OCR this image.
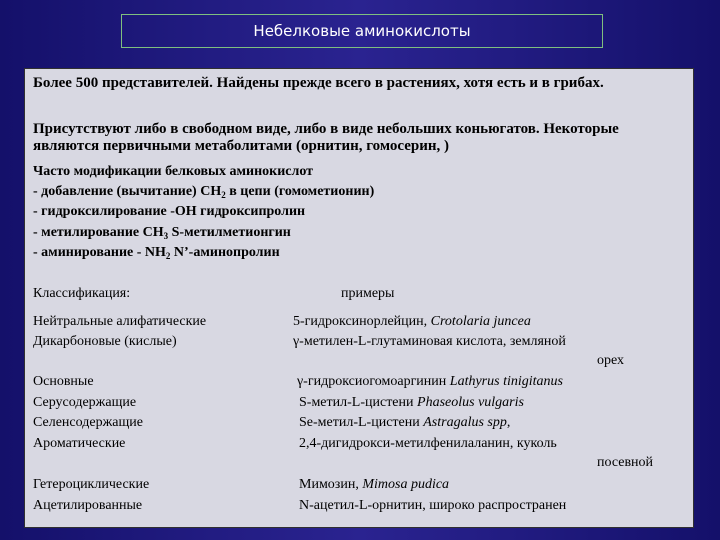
Небелковые аминокислоты
Более 500 представителей. Найдены прежде всего в растениях, хотя есть и в грибах.
Присутствуют либо в свободном виде, либо в виде небольших коньюгатов. Некоторые являются первичными метаболитами (орнитин, гомосерин, )
Часто модификации белковых аминокислот
- добавление (вычитание) $CH_2$ в цепи (гомометионин)
- гидроксилирование -OH гидроксипролин
- метилирование $CH_3$ S-метилметионгин
- аминирование - $NH_2$ N’-аминопролин
Классификация:	примеры
Нейтральные алифатические	5-гидроксинорлейцин, Crotolaria juncea
Дикарбоновые (кислые)	γ-метилен-L-глутаминовая кислота, земляной
орех
Основные	γ-гидроксиогомоаргинин Lathyrus tinigitanus
Серусодержащие	S-метил-L-цистени Phaseolus vulgaris
Селенсодержащие	Se-метил-L-цистени Astragalus spp,
Ароматические	2,4-дигидрокси-метилфенилаланин, куколь
посевной
Гетероциклические	Мимозин, Mimosa pudica
Ацетилированные	N-ацетил-L-орнитин, широко распространен
